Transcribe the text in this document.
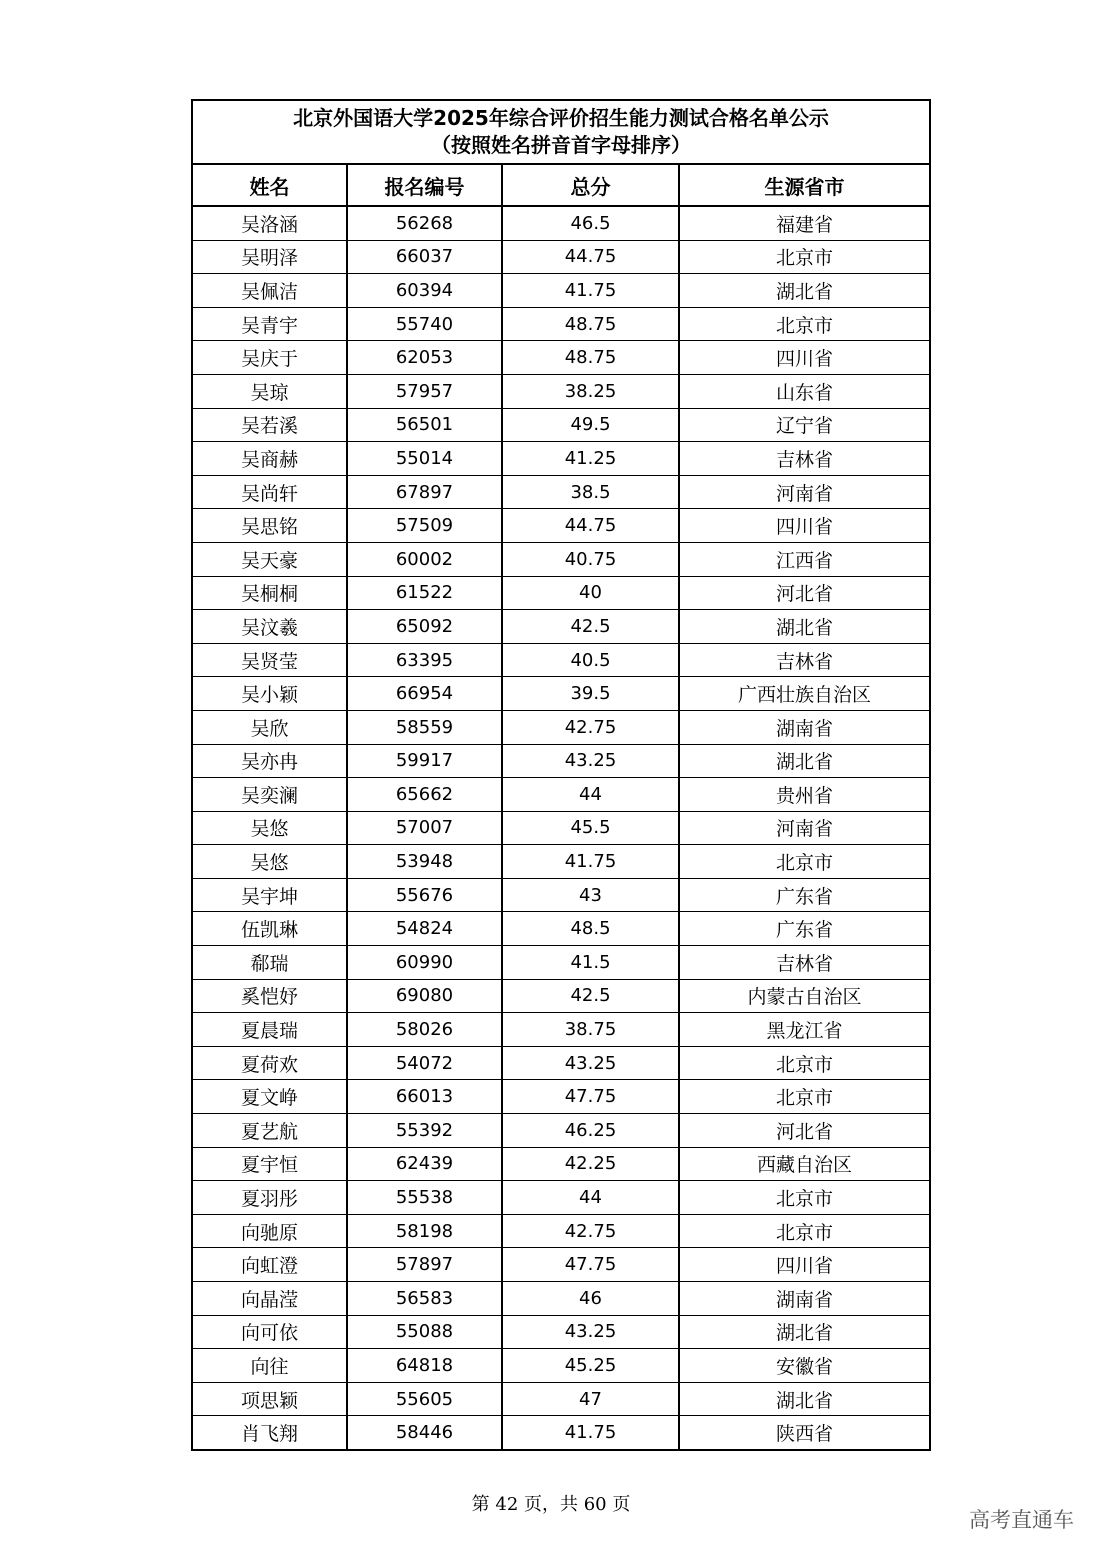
北京外国语大学2025年综合评价招生能力测试合格名单公示
（按照姓名拼音首字母排序）
姓名	报名编号	总分	生源省市
吴洛涵	56268	46.5	福建省
吴明泽	66037	44.75	北京市
吴佩洁	60394	41.75	湖北省
吴青宇	55740	48.75	北京市
吴庆于	62053	48.75	四川省
吴琼	57957	38.25	山东省
吴若溪	56501	49.5	辽宁省
吴商赫	55014	41.25	吉林省
吴尚轩	67897	38.5	河南省
吴思铭	57509	44.75	四川省
吴天豪	60002	40.75	江西省
吴桐桐	61522	40	河北省
吴汶羲	65092	42.5	湖北省
吴贤莹	63395	40.5	吉林省
吴小颖	66954	39.5	广西壮族自治区
吴欣	58559	42.75	湖南省
吴亦冉	59917	43.25	湖北省
吴奕澜	65662	44	贵州省
吴悠	57007	45.5	河南省
吴悠	53948	41.75	北京市
吴宇坤	55676	43	广东省
伍凯琳	54824	48.5	广东省
郗瑞	60990	41.5	吉林省
奚恺妤	69080	42.5	内蒙古自治区
夏晨瑞	58026	38.75	黑龙江省
夏荷欢	54072	43.25	北京市
夏文峥	66013	47.75	北京市
夏艺航	55392	46.25	河北省
夏宇恒	62439	42.25	西藏自治区
夏羽彤	55538	44	北京市
向驰原	58198	42.75	北京市
向虹澄	57897	47.75	四川省
向晶滢	56583	46	湖南省
向可依	55088	43.25	湖北省
向往	64818	45.25	安徽省
项思颖	55605	47	湖北省
肖飞翔	58446	41.75	陕西省
第 42 页，共 60 页
高考直通车
